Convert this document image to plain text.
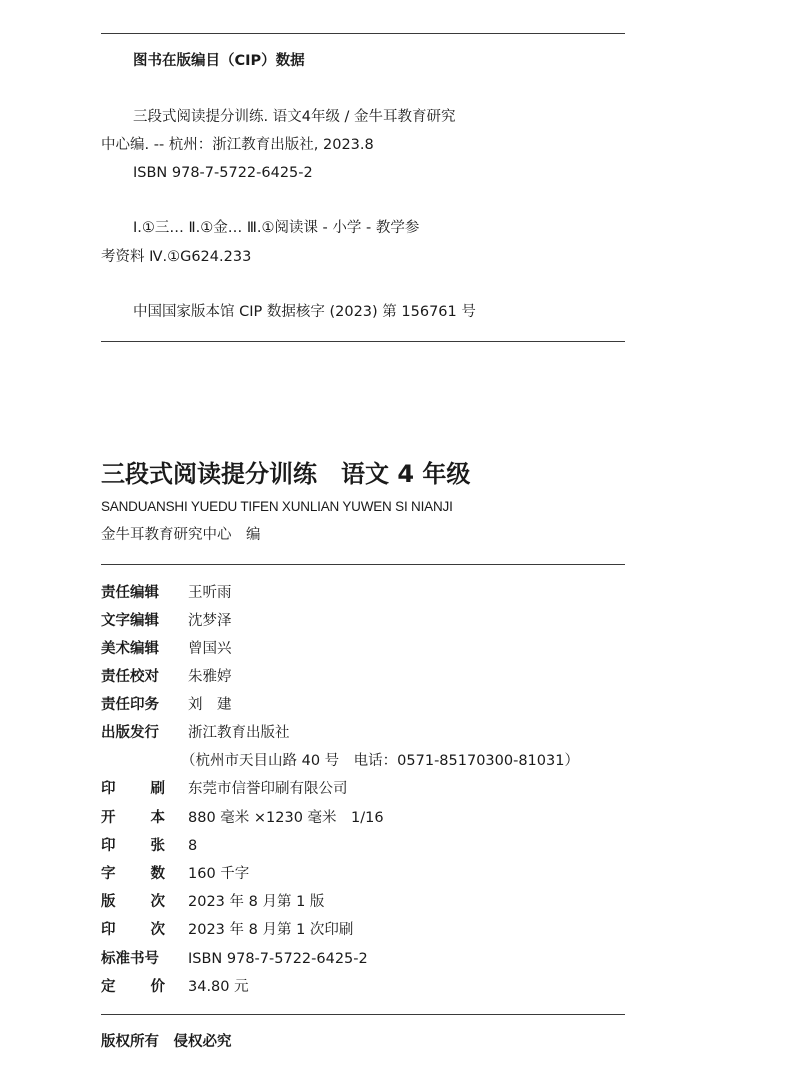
图书在版编目（CIP）数据
三段式阅读提分训练. 语文4年级 / 金牛耳教育研究
中心编. -- 杭州：浙江教育出版社, 2023.8
ISBN 978-7-5722-6425-2
Ⅰ.①三… Ⅱ.①金… Ⅲ.①阅读课 - 小学 - 教学参
考资料 Ⅳ.①G624.233
中国国家版本馆 CIP 数据核字 (2023) 第 156761 号
三段式阅读提分训练　语文 4 年级
SANDUANSHI YUEDU TIFEN XUNLIAN YUWEN SI NIANJI
金牛耳教育研究中心　编
责任编辑 王听雨
文字编辑 沈梦泽
美术编辑 曾国兴
责任校对 朱雅婷
责任印务 刘　建
出版发行 浙江教育出版社
（杭州市天目山路 40 号　电话：0571-85170300-81031）
印 刷 东莞市信誉印刷有限公司
开 本 880 毫米 ×1230 毫米　1/16
印 张 8
字 数 160 千字
版 次 2023 年 8 月第 1 版
印 次 2023 年 8 月第 1 次印刷
标准书号 ISBN 978-7-5722-6425-2
定 价 34.80 元
版权所有　侵权必究
